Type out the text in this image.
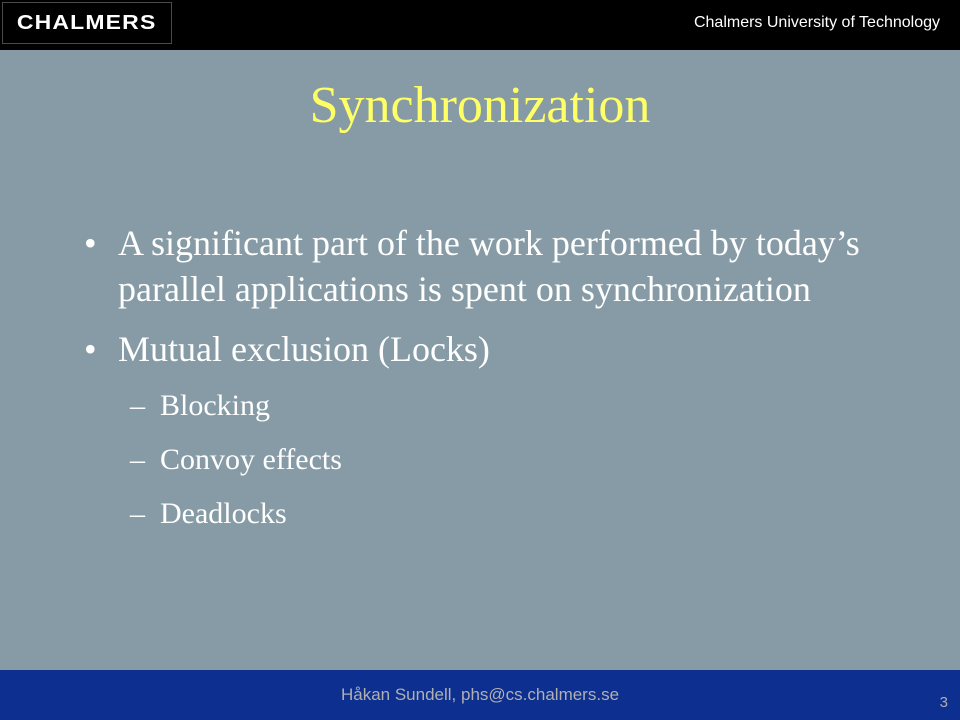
CHALMERS	Chalmers University of Technology
Synchronization
• A significant part of the work performed by today’s parallel applications is spent on synchronization
• Mutual exclusion (Locks)
– Blocking
– Convoy effects
– Deadlocks
Håkan Sundell, phs@cs.chalmers.se	3
